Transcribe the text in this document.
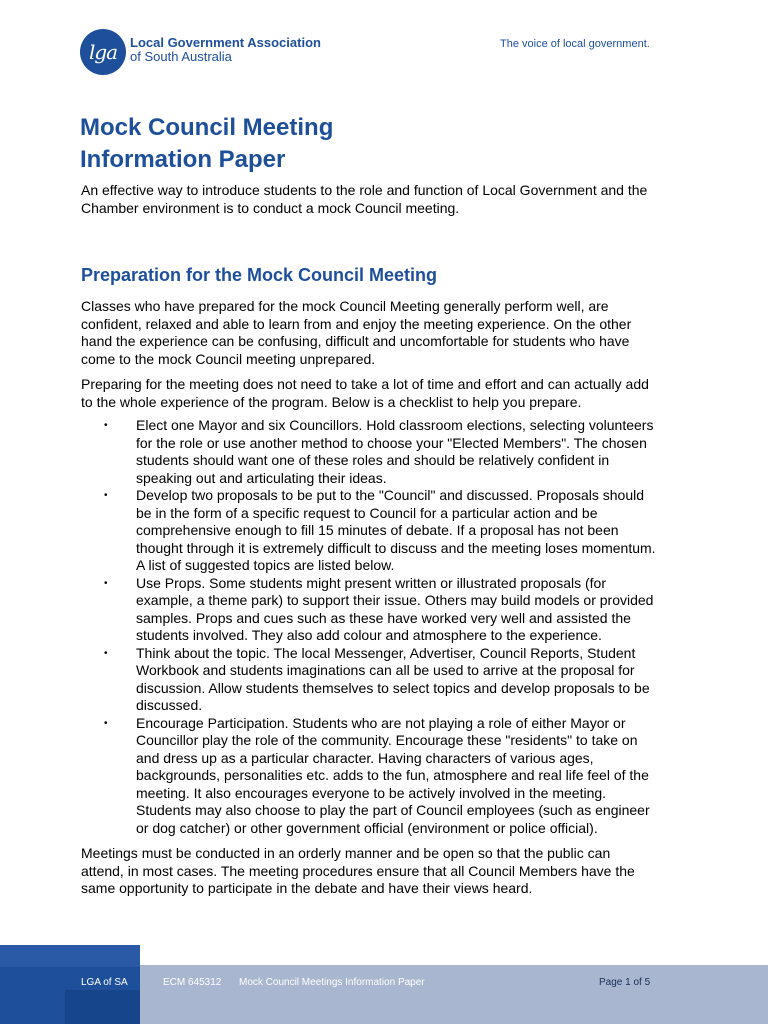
lga Local Government Association
of South Australia
The voice of local government.
Mock Council Meeting
Information Paper

An effective way to introduce students to the role and function of Local Government and the Chamber environment is to conduct a mock Council meeting.

Preparation for the Mock Council Meeting

Classes who have prepared for the mock Council Meeting generally perform well, are confident, relaxed and able to learn from and enjoy the meeting experience. On the other hand the experience can be confusing, difficult and uncomfortable for students who have come to the mock Council meeting unprepared.

Preparing for the meeting does not need to take a lot of time and effort and can actually add to the whole experience of the program. Below is a checklist to help you prepare.

• Elect one Mayor and six Councillors. Hold classroom elections, selecting volunteers for the role or use another method to choose your "Elected Members". The chosen students should want one of these roles and should be relatively confident in speaking out and articulating their ideas.
• Develop two proposals to be put to the "Council" and discussed. Proposals should be in the form of a specific request to Council for a particular action and be comprehensive enough to fill 15 minutes of debate. If a proposal has not been thought through it is extremely difficult to discuss and the meeting loses momentum. A list of suggested topics are listed below.
• Use Props. Some students might present written or illustrated proposals (for example, a theme park) to support their issue. Others may build models or provided samples. Props and cues such as these have worked very well and assisted the students involved. They also add colour and atmosphere to the experience.
• Think about the topic. The local Messenger, Advertiser, Council Reports, Student Workbook and students imaginations can all be used to arrive at the proposal for discussion. Allow students themselves to select topics and develop proposals to be discussed.
• Encourage Participation. Students who are not playing a role of either Mayor or Councillor play the role of the community. Encourage these "residents" to take on and dress up as a particular character. Having characters of various ages, backgrounds, personalities etc. adds to the fun, atmosphere and real life feel of the meeting. It also encourages everyone to be actively involved in the meeting. Students may also choose to play the part of Council employees (such as engineer or dog catcher) or other government official (environment or police official).

Meetings must be conducted in an orderly manner and be open so that the public can attend, in most cases. The meeting procedures ensure that all Council Members have the same opportunity to participate in the debate and have their views heard.

LGA of SA	ECM 645312 Mock Council Meetings Information Paper	Page 1 of 5
